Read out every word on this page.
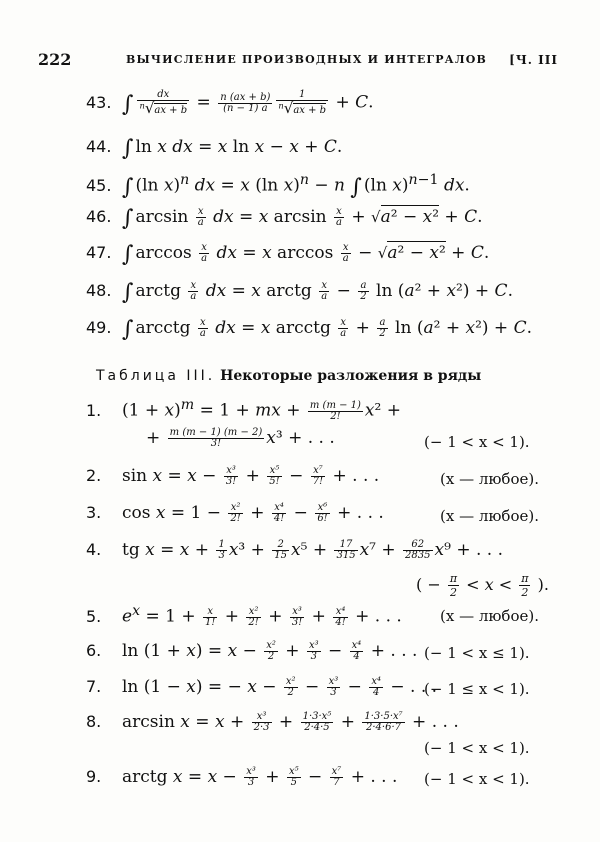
222	ВЫЧИСЛЕНИЕ ПРОИЗВОДНЫХ И ИНТЕГРАЛОВ [Ч. III
43. ∫ $\frac{dx}{^n√ax + b} = \frac{n (ax + b)}{(n - 1) a} \frac{1}{^n√ax + b} + C$.
44. ∫ ln x dx = x ln x − x + C.
45. ∫ (ln x)$^n$ dx = x (ln x)$^n$ − n ∫ (ln x)$^{n-1}$ dx.
46. ∫ $\arcsin \frac{x}{a}$ dx = x $\arcsin \frac{x}{a} + √a^2 - x^2 + C$.
47. ∫ $\arccos \frac{x}{a}$ dx = x $\arccos \frac{x}{a} - √a^2 - x^2 + C$.
48. ∫ arctg $\frac{x}{a}$ dx = x arctg $\frac{x}{a} - \frac{a}{2}$ ln (a² + x²) + C.
49. ∫ arcctg $\frac{x}{a}$ dx = x arcctg $\frac{x}{a} + \frac{a}{2}$ ln (a² + x²) + C.
Таблица III. Некоторые разложения в ряды
1. $(1 + x)^m = 1$ + mx + $\frac{m (m - 1)}{2!} x^2$ +
+ $\frac{m (m - 1) (m - 2)}{3!} x^3$ + . . .	(− 1 < x < 1).
2. $\sin x = x - \frac{\text{x³}}{3!} + \frac{\text{x⁵}}{5!} - \frac{\text{x⁷}}{7!}$ + . . .	(x — любое).
3. $\cos x = 1 - \frac{\text{x²}}{2!} + \frac{\text{x⁴}}{4!} - \frac{\text{x⁶}}{6!}$ + . . .	(x — любое).
4. tg $x = x + \frac{1}{3} x^3 + \frac{2}{15} x^5 + \frac{17}{315} x^7 + \frac{62}{2835} x^9$ + . . .
( − $\frac{\pi}{2} < x < \frac{\pi}{2}$ ).
5. $e^x = 1 + \frac{x}{1!} + \frac{\text{x²}}{2!} + \frac{\text{x³}}{3!} + \frac{\text{x⁴}}{4!}$ + . . .	(x — любое).
6. $\ln (1 + x) = x - \frac{\text{x²}}{2} + \frac{\text{x³}}{3} - \frac{\text{x⁴}}{4}$ + . . . (− 1 < x ≤ 1).
7. ln (1 − x) = − $x - \frac{\text{x²}}{2} - \frac{\text{x³}}{3} - \frac{\text{x⁴}}{4}$ − . . .
(− 1 ≤ x < 1).
8. $\arcsin x = x + \frac{\text{x³}}{2\cdot 3} + \frac{\text{1·3·x⁵}}{2\cdot 4\cdot 5} + \frac{\text{1·3·5·x⁷}}{2\cdot 4\cdot 6\cdot 7}$ + . . .
(− 1 < x < 1).
9. arctg $x = x - \frac{\text{x³}}{3} + \frac{\text{x⁵}}{5} - \frac{\text{x⁷}}{7}$ + . . . (− 1 < x < 1).
